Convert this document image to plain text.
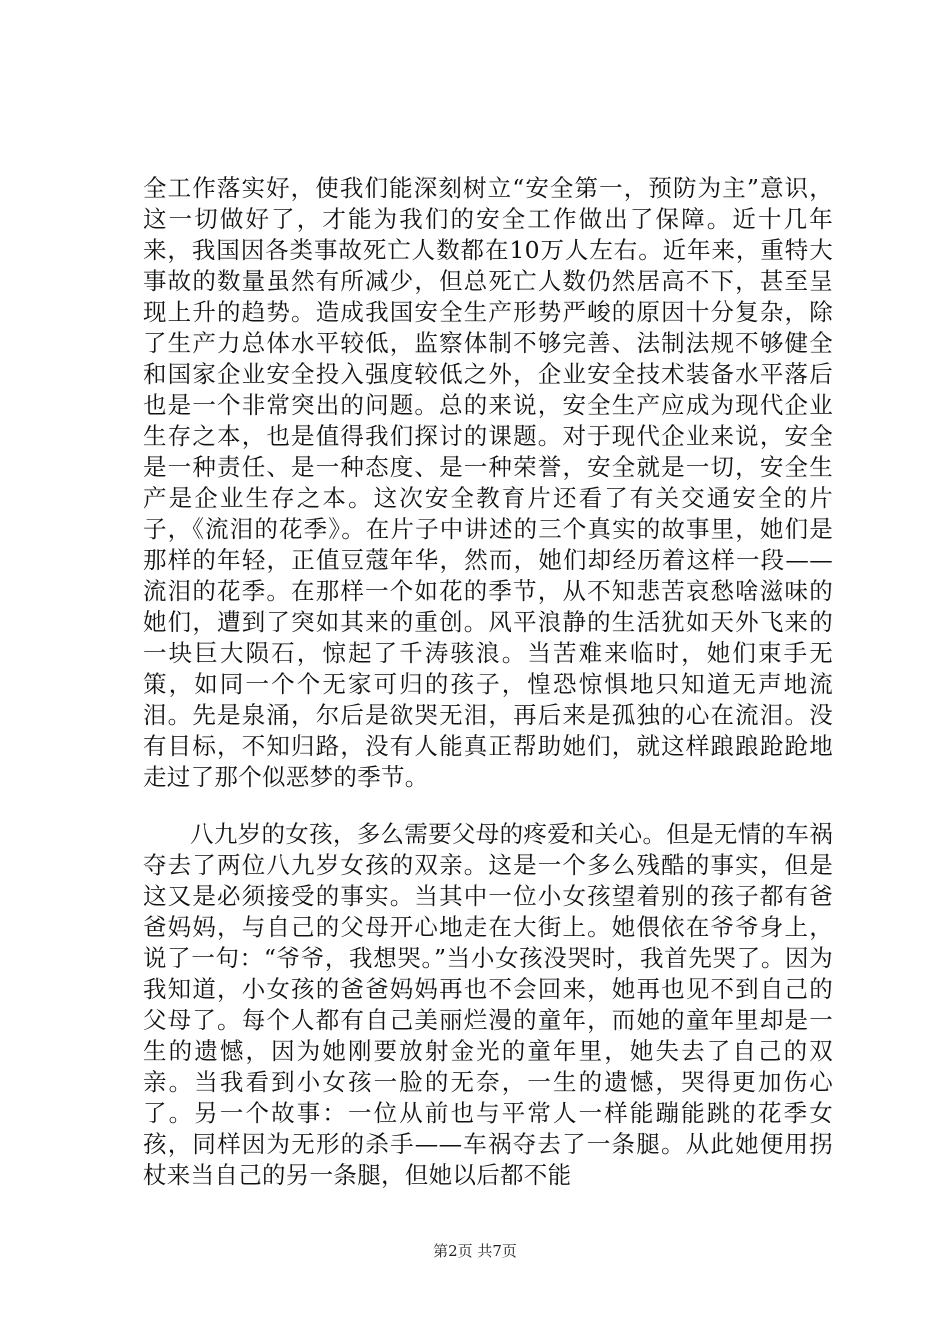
全工作落实好，使我们能深刻树立“安全第一，预防为主”意识，这一切做好了，才能为我们的安全工作做出了保障。近十几年来，我国因各类事故死亡人数都在10万人左右。近年来，重特大事故的数量虽然有所减少，但总死亡人数仍然居高不下，甚至呈现上升的趋势。造成我国安全生产形势严峻的原因十分复杂，除了生产力总体水平较低，监察体制不够完善、法制法规不够健全和国家企业安全投入强度较低之外，企业安全技术装备水平落后也是一个非常突出的问题。总的来说，安全生产应成为现代企业生存之本，也是值得我们探讨的课题。对于现代企业来说，安全是一种责任、是一种态度、是一种荣誉，安全就是一切，安全生产是企业生存之本。这次安全教育片还看了有关交通安全的片子，《流泪的花季》。在片子中讲述的三个真实的故事里，她们是那样的年轻，正值豆蔻年华，然而，她们却经历着这样一段——流泪的花季。在那样一个如花的季节，从不知悲苦哀愁啥滋味的她们，遭到了突如其来的重创。风平浪静的生活犹如天外飞来的一块巨大陨石，惊起了千涛骇浪。当苦难来临时，她们束手无策，如同一个个无家可归的孩子，惶恐惊惧地只知道无声地流泪。先是泉涌，尔后是欲哭无泪，再后来是孤独的心在流泪。没有目标，不知归路，没有人能真正帮助她们，就这样踉踉跄跄地走过了那个似恶梦的季节。

八九岁的女孩，多么需要父母的疼爱和关心。但是无情的车祸夺去了两位八九岁女孩的双亲。这是一个多么残酷的事实，但是这又是必须接受的事实。当其中一位小女孩望着别的孩子都有爸爸妈妈，与自己的父母开心地走在大街上。她偎依在爷爷身上，说了一句：“爷爷，我想哭。”当小女孩没哭时，我首先哭了。因为我知道，小女孩的爸爸妈妈再也不会回来，她再也见不到自己的父母了。每个人都有自己美丽烂漫的童年，而她的童年里却是一生的遗憾，因为她刚要放射金光的童年里，她失去了自己的双亲。当我看到小女孩一脸的无奈，一生的遗憾，哭得更加伤心了。另一个故事：一位从前也与平常人一样能蹦能跳的花季女孩，同样因为无形的杀手——车祸夺去了一条腿。从此她便用拐杖来当自己的另一条腿，但她以后都不能

第2页 共7页
